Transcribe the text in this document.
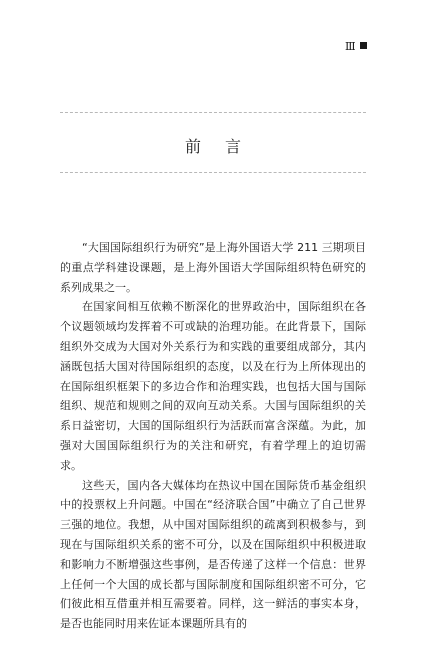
Ⅲ
前言

“大国国际组织行为研究”是上海外国语大学 211 三期项目的重点学科建设课题，是上海外国语大学国际组织特色研究的系列成果之一。

在国家间相互依赖不断深化的世界政治中，国际组织在各个议题领域均发挥着不可或缺的治理功能。在此背景下，国际组织外交成为大国对外关系行为和实践的重要组成部分，其内涵既包括大国对待国际组织的态度，以及在行为上所体现出的在国际组织框架下的多边合作和治理实践，也包括大国与国际组织、规范和规则之间的双向互动关系。大国与国际组织的关系日益密切，大国的国际组织行为活跃而富含深蕴。为此，加强对大国国际组织行为的关注和研究，有着学理上的迫切需求。

这些天，国内各大媒体均在热议中国在国际货币基金组织中的投票权上升问题。中国在“经济联合国”中确立了自己世界三强的地位。我想，从中国对国际组织的疏离到积极参与，到现在与国际组织关系的密不可分，以及在国际组织中积极进取和影响力不断增强这些事例，是否传递了这样一个信息：世界上任何一个大国的成长都与国际制度和国际组织密不可分，它们彼此相互借重并相互需要着。同样，这一鲜活的事实本身，是否也能同时用来佐证本课题所具有的
